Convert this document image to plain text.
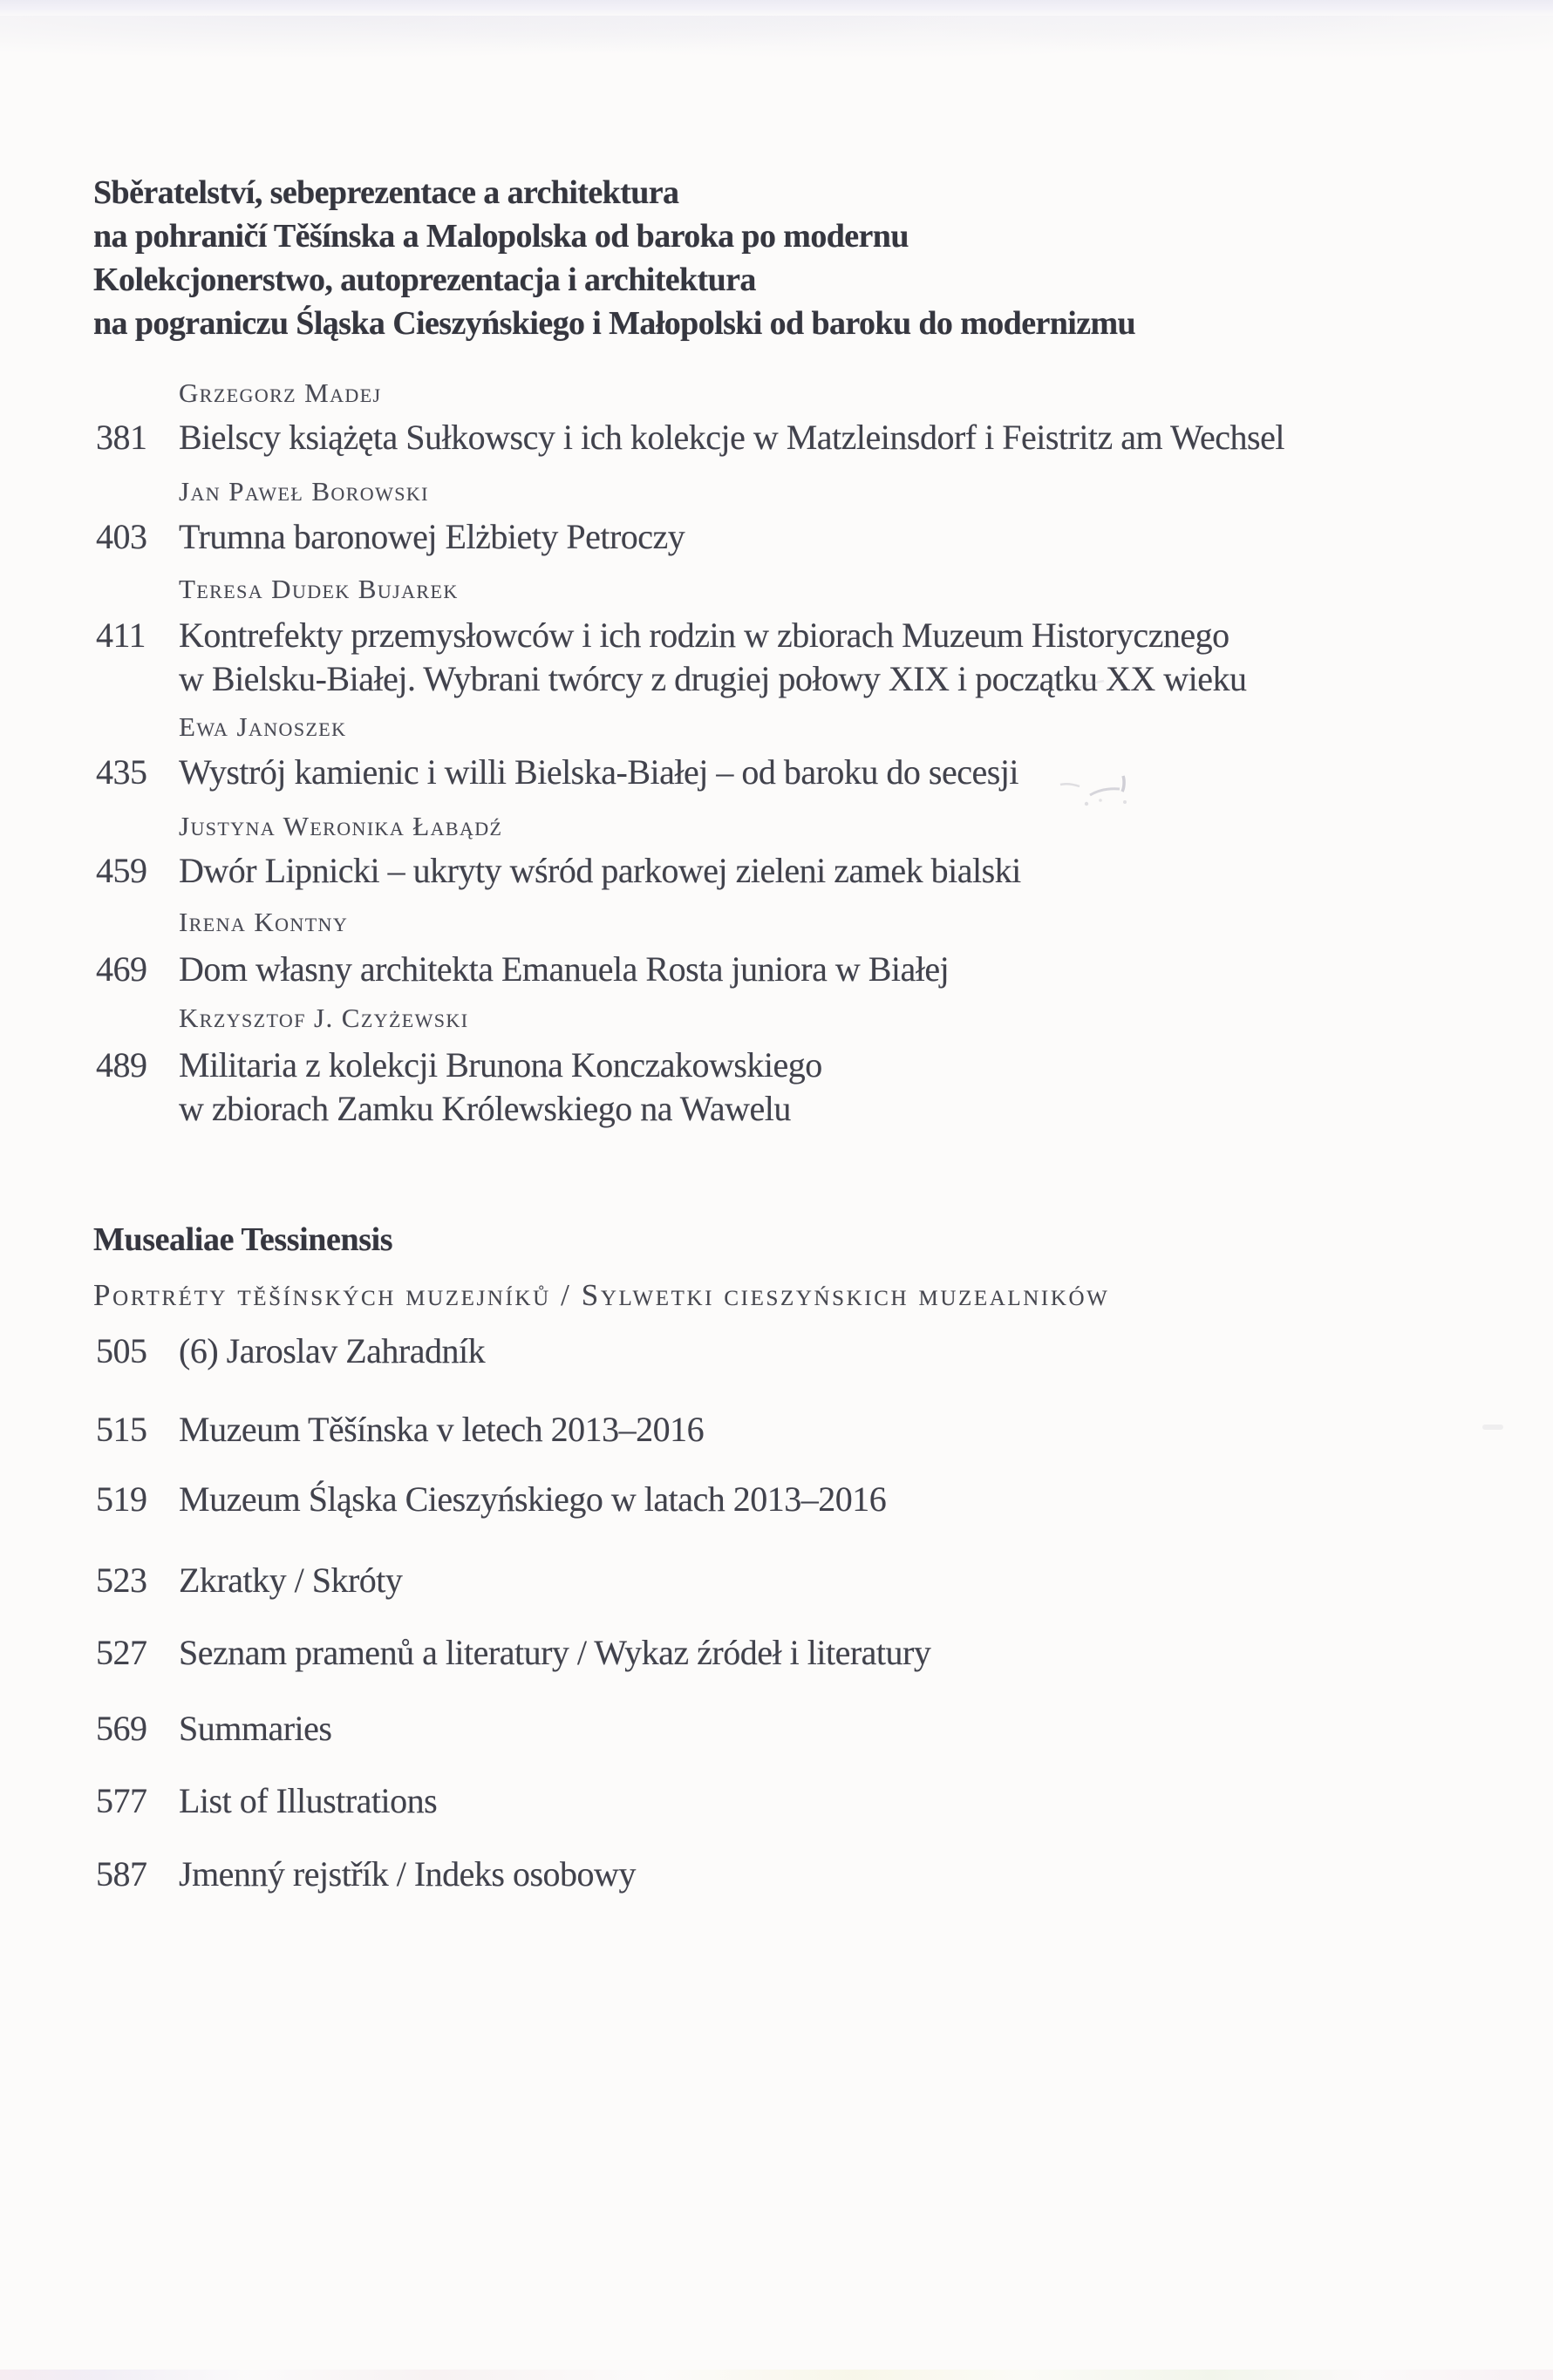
Sběratelství, sebeprezentace a architektura
na pohraničí Těšínska a Malopolska od baroka po modernu
Kolekcjonerstwo, autoprezentacja i architektura
na pograniczu Śląska Cieszyńskiego i Małopolski od baroku do modernizmu
Grzegorz Madej
381 Bielscy książęta Sułkowscy i ich kolekcje w Matzleinsdorf i Feistritz am Wechsel
Jan Paweł Borowski
403 Trumna baronowej Elżbiety Petroczy
Teresa Dudek Bujarek
411 Kontrefekty przemysłowców i ich rodzin w zbiorach Muzeum Historycznego
w Bielsku-Białej. Wybrani twórcy z drugiej połowy XIX i początku XX wieku
Ewa Janoszek
435 Wystrój kamienic i willi Bielska-Białej – od baroku do secesji
Justyna Weronika Łabądź
459 Dwór Lipnicki – ukryty wśród parkowej zieleni zamek bialski
Irena Kontny
469 Dom własny architekta Emanuela Rosta juniora w Białej
Krzysztof J. Czyżewski
489 Militaria z kolekcji Brunona Konczakowskiego
w zbiorach Zamku Królewskiego na Wawelu
Musealiae Tessinensis
Portréty těšínských muzejníků / Sylwetki cieszyńskich muzealników
505 (6) Jaroslav Zahradník
515 Muzeum Těšínska v letech 2013–2016
519 Muzeum Śląska Cieszyńskiego w latach 2013–2016
523 Zkratky / Skróty
527 Seznam pramenů a literatury / Wykaz źródeł i literatury
569 Summaries
577 List of Illustrations
587 Jmenný rejstřík / Indeks osobowy
